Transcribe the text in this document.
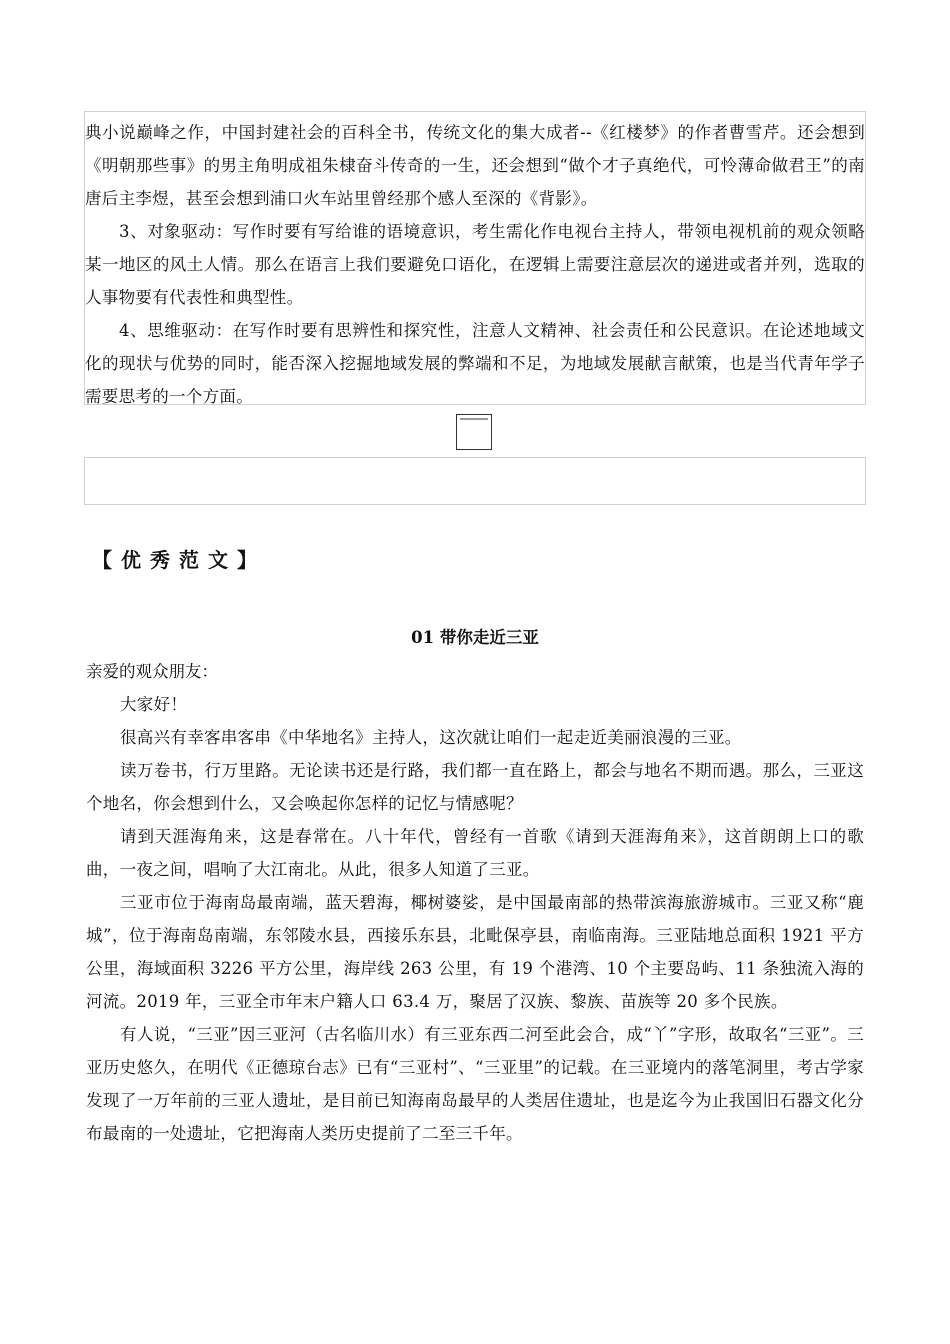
典小说巅峰之作，中国封建社会的百科全书，传统文化的集大成者--《红楼梦》的作者曹雪芹。还会想到《明朝那些事》的男主角明成祖朱棣奋斗传奇的一生，还会想到“做个才子真绝代，可怜薄命做君王”的南唐后主李煜，甚至会想到浦口火车站里曾经那个感人至深的《背影》。

3、对象驱动：写作时要有写给谁的语境意识，考生需化作电视台主持人，带领电视机前的观众领略某一地区的风土人情。那么在语言上我们要避免口语化，在逻辑上需要注意层次的递进或者并列，选取的人事物要有代表性和典型性。

4、思维驱动：在写作时要有思辨性和探究性，注意人文精神、社会责任和公民意识。在论述地域文化的现状与优势的同时，能否深入挖掘地域发展的弊端和不足，为地域发展献言献策，也是当代青年学子需要思考的一个方面。

【优秀范文】
01 带你走近三亚

亲爱的观众朋友：

大家好！

很高兴有幸客串客串《中华地名》主持人，这次就让咱们一起走近美丽浪漫的三亚。

读万卷书，行万里路。无论读书还是行路，我们都一直在路上，都会与地名不期而遇。那么，三亚这个地名，你会想到什么，又会唤起你怎样的记忆与情感呢？

请到天涯海角来，这是春常在。八十年代，曾经有一首歌《请到天涯海角来》，这首朗朗上口的歌曲，一夜之间，唱响了大江南北。从此，很多人知道了三亚。

三亚市位于海南岛最南端，蓝天碧海，椰树婆娑，是中国最南部的热带滨海旅游城市。三亚又称“鹿城”，位于海南岛南端，东邻陵水县，西接乐东县，北毗保亭县，南临南海。三亚陆地总面积 1921 平方公里，海域面积 3226 平方公里，海岸线 263 公里，有 19 个港湾、10 个主要岛屿、11 条独流入海的河流。2019 年，三亚全市年末户籍人口 63.4 万，聚居了汉族、黎族、苗族等 20 多个民族。

有人说，“三亚”因三亚河（古名临川水）有三亚东西二河至此会合，成“丫”字形，故取名“三亚”。三亚历史悠久，在明代《正德琼台志》已有“三亚村”、“三亚里”的记载。在三亚境内的落笔洞里，考古学家发现了一万年前的三亚人遗址，是目前已知海南岛最早的人类居住遗址，也是迄今为止我国旧石器文化分布最南的一处遗址，它把海南人类历史提前了二至三千年。
